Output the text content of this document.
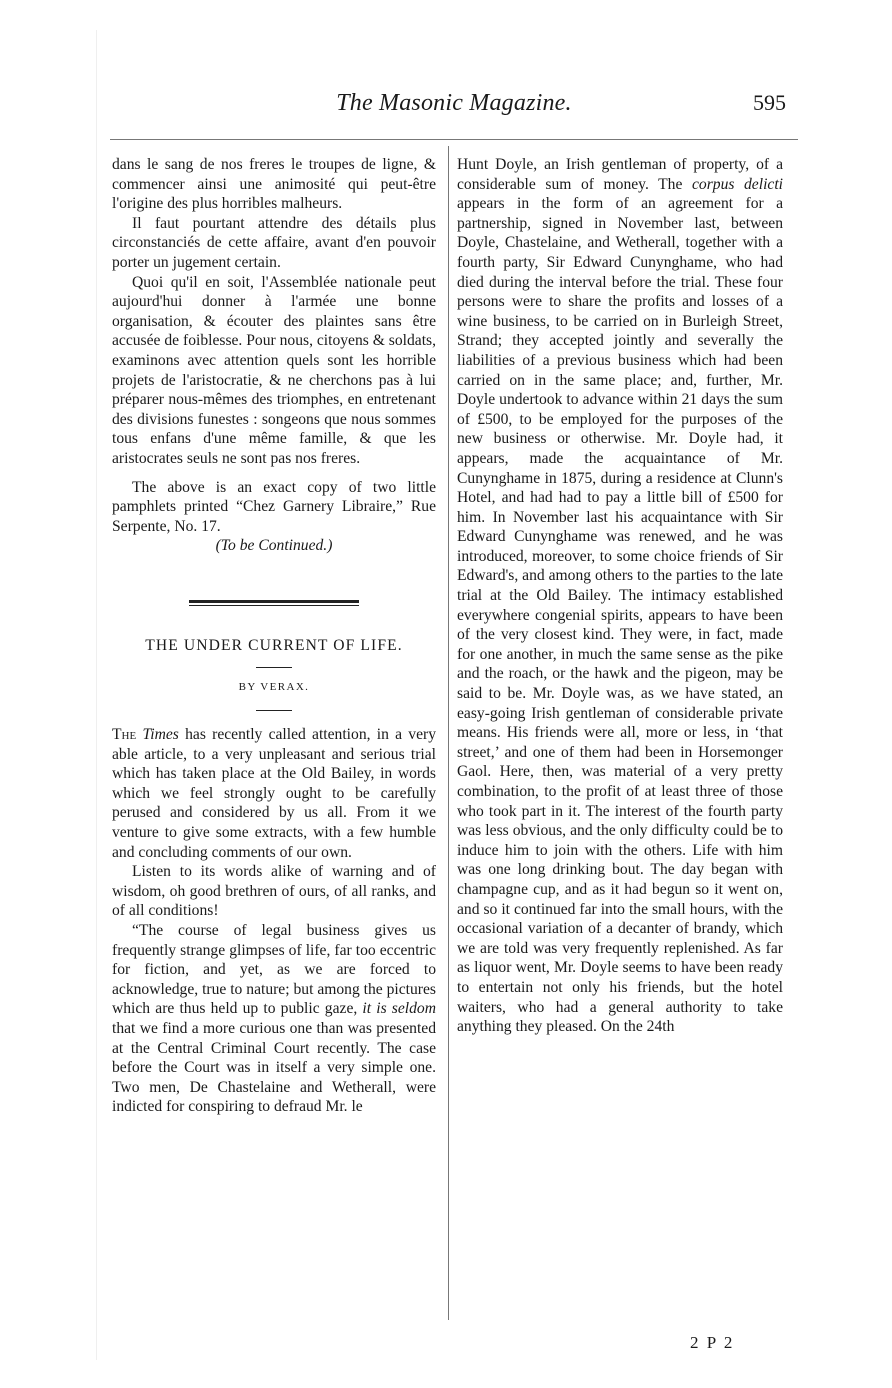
The Masonic Magazine.	595

dans le sang de nos freres le troupes de ligne, & commencer ainsi une animosité qui peut-être l'origine des plus horribles malheurs.

Il faut pourtant attendre des détails plus circonstanciés de cette affaire, avant d'en pouvoir porter un jugement certain.

Quoi qu'il en soit, l'Assemblée nationale peut aujourd'hui donner à l'armée une bonne organisation, & écouter des plaintes sans être accusée de foiblesse. Pour nous, citoyens & soldats, examinons avec attention quels sont les horrible projets de l'aristocratie, & ne cherchons pas à lui préparer nous-mêmes des triomphes, en entretenant des divisions funestes : songeons que nous sommes tous enfans d'une même famille, & que les aristocrates seuls ne sont pas nos freres.

The above is an exact copy of two little pamphlets printed “Chez Garnery Libraire,” Rue Serpente, No. 17.

(To be Continued.)

THE UNDER CURRENT OF LIFE.
BY VERAX.

The Times has recently called attention, in a very able article, to a very unpleasant and serious trial which has taken place at the Old Bailey, in words which we feel strongly ought to be carefully perused and considered by us all. From it we venture to give some extracts, with a few humble and concluding comments of our own.

Listen to its words alike of warning and of wisdom, oh good brethren of ours, of all ranks, and of all conditions!

“The course of legal business gives us frequently strange glimpses of life, far too eccentric for fiction, and yet, as we are forced to acknowledge, true to nature; but among the pictures which are thus held up to public gaze, it is seldom that we find a more curious one than was presented at the Central Criminal Court recently. The case before the Court was in itself a very simple one. Two men, De Chastelaine and Wetherall, were indicted for conspiring to defraud Mr. le

Hunt Doyle, an Irish gentleman of property, of a considerable sum of money. The corpus delicti appears in the form of an agreement for a partnership, signed in November last, between Doyle, Chastelaine, and Wetherall, together with a fourth party, Sir Edward Cunynghame, who had died during the interval before the trial. These four persons were to share the profits and losses of a wine business, to be carried on in Burleigh Street, Strand; they accepted jointly and severally the liabilities of a previous business which had been carried on in the same place; and, further, Mr. Doyle undertook to advance within 21 days the sum of £500, to be employed for the purposes of the new business or otherwise. Mr. Doyle had, it appears, made the acquaintance of Mr. Cunynghame in 1875, during a residence at Clunn's Hotel, and had had to pay a little bill of £500 for him. In November last his acquaintance with Sir Edward Cunynghame was renewed, and he was introduced, moreover, to some choice friends of Sir Edward's, and among others to the parties to the late trial at the Old Bailey. The intimacy established everywhere congenial spirits, appears to have been of the very closest kind. They were, in fact, made for one another, in much the same sense as the pike and the roach, or the hawk and the pigeon, may be said to be. Mr. Doyle was, as we have stated, an easy-going Irish gentleman of considerable private means. His friends were all, more or less, in ‘that street,’ and one of them had been in Horsemonger Gaol. Here, then, was material of a very pretty combination, to the profit of at least three of those who took part in it. The interest of the fourth party was less obvious, and the only difficulty could be to induce him to join with the others. Life with him was one long drinking bout. The day began with champagne cup, and as it had begun so it went on, and so it continued far into the small hours, with the occasional variation of a decanter of brandy, which we are told was very frequently replenished. As far as liquor went, Mr. Doyle seems to have been ready to entertain not only his friends, but the hotel waiters, who had a general authority to take anything they pleased. On the 24th

2 P 2
